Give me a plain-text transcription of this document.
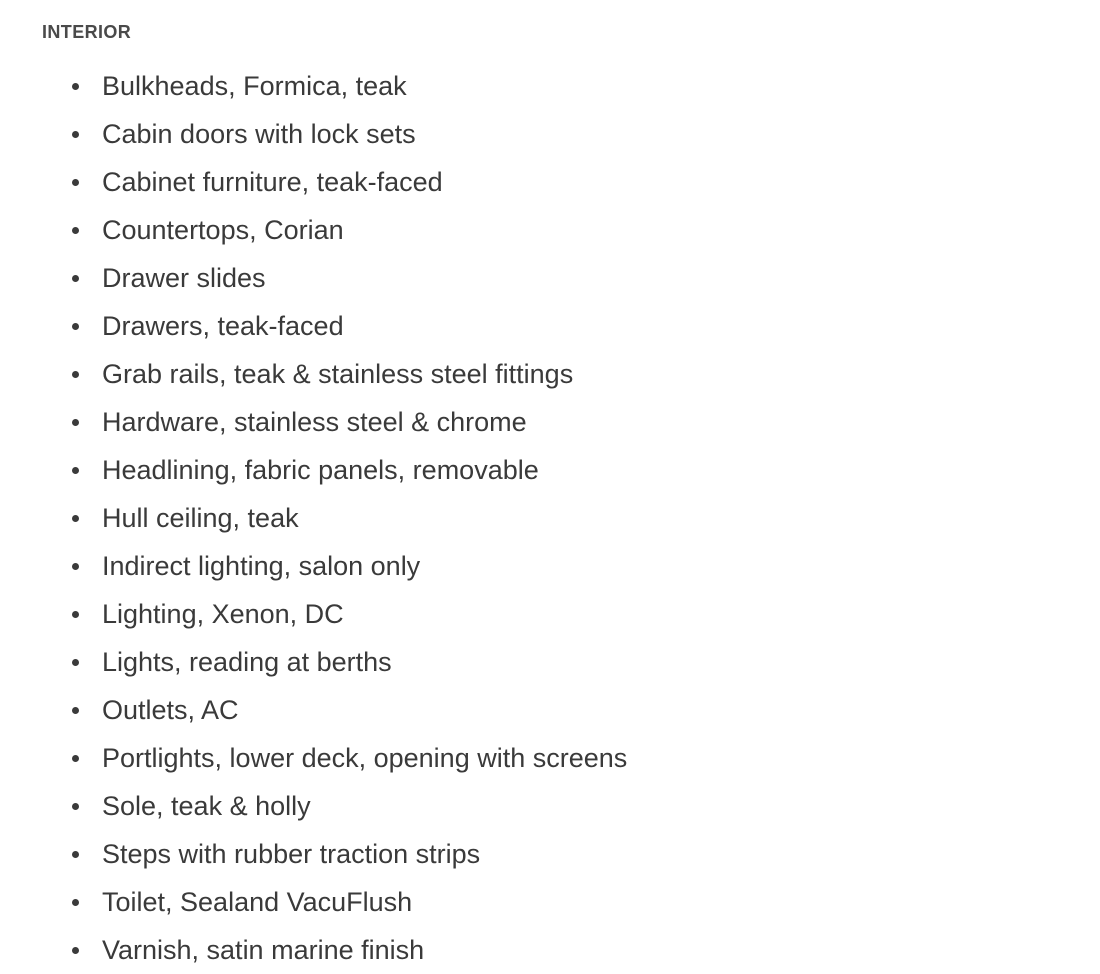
INTERIOR
Bulkheads, Formica, teak
Cabin doors with lock sets
Cabinet furniture, teak-faced
Countertops, Corian
Drawer slides
Drawers, teak-faced
Grab rails, teak & stainless steel fittings
Hardware, stainless steel & chrome
Headlining, fabric panels, removable
Hull ceiling, teak
Indirect lighting, salon only
Lighting, Xenon, DC
Lights, reading at berths
Outlets, AC
Portlights, lower deck, opening with screens
Sole, teak & holly
Steps with rubber traction strips
Toilet, Sealand VacuFlush
Varnish, satin marine finish
